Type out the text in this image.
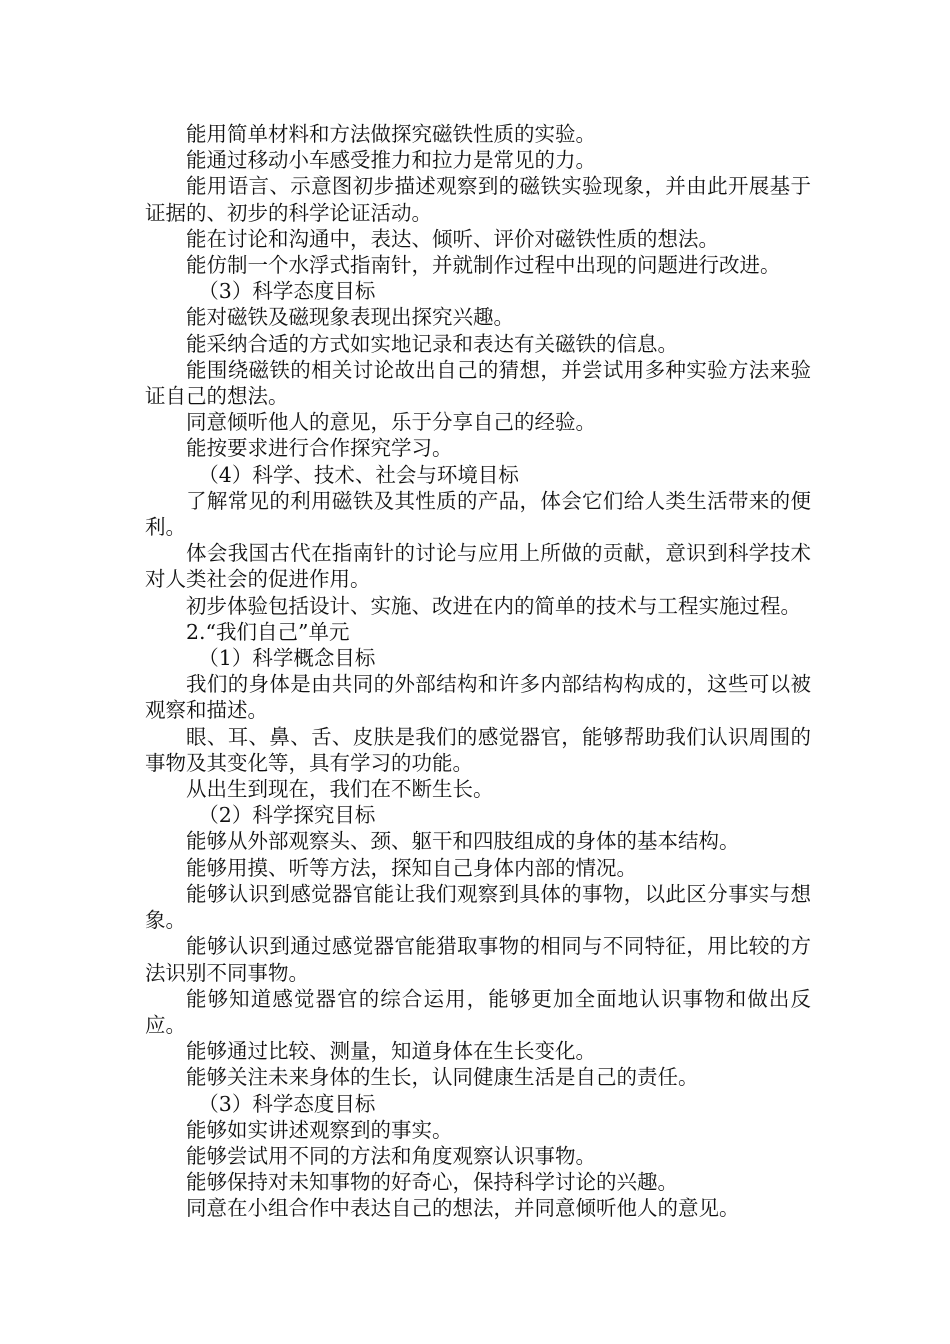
能用简单材料和方法做探究磁铁性质的实验。

能通过移动小车感受推力和拉力是常见的力。

能用语言、示意图初步描述观察到的磁铁实验现象，并由此开展基于证据的、初步的科学论证活动。

能在讨论和沟通中，表达、倾听、评价对磁铁性质的想法。

能仿制一个水浮式指南针，并就制作过程中出现的问题进行改进。

（3）科学态度目标

能对磁铁及磁现象表现出探究兴趣。

能采纳合适的方式如实地记录和表达有关磁铁的信息。

能围绕磁铁的相关讨论故出自己的猜想，并尝试用多种实验方法来验证自己的想法。

同意倾听他人的意见，乐于分享自己的经验。

能按要求进行合作探究学习。

（4）科学、技术、社会与环境目标

了解常见的利用磁铁及其性质的产品，体会它们给人类生活带来的便利。

体会我国古代在指南针的讨论与应用上所做的贡献，意识到科学技术对人类社会的促进作用。

初步体验包括设计、实施、改进在内的简单的技术与工程实施过程。

2.“我们自己”单元

（1）科学概念目标

我们的身体是由共同的外部结构和许多内部结构构成的，这些可以被观察和描述。

眼、耳、鼻、舌、皮肤是我们的感觉器官，能够帮助我们认识周围的事物及其变化等，具有学习的功能。

从出生到现在，我们在不断生长。

（2）科学探究目标

能够从外部观察头、颈、躯干和四肢组成的身体的基本结构。

能够用摸、听等方法，探知自己身体内部的情况。

能够认识到感觉器官能让我们观察到具体的事物，以此区分事实与想象。

能够认识到通过感觉器官能猎取事物的相同与不同特征，用比较的方法识别不同事物。

能够知道感觉器官的综合运用，能够更加全面地认识事物和做出反应。

能够通过比较、测量，知道身体在生长变化。

能够关注未来身体的生长，认同健康生活是自己的责任。

（3）科学态度目标

能够如实讲述观察到的事实。

能够尝试用不同的方法和角度观察认识事物。

能够保持对未知事物的好奇心，保持科学讨论的兴趣。

同意在小组合作中表达自己的想法，并同意倾听他人的意见。
